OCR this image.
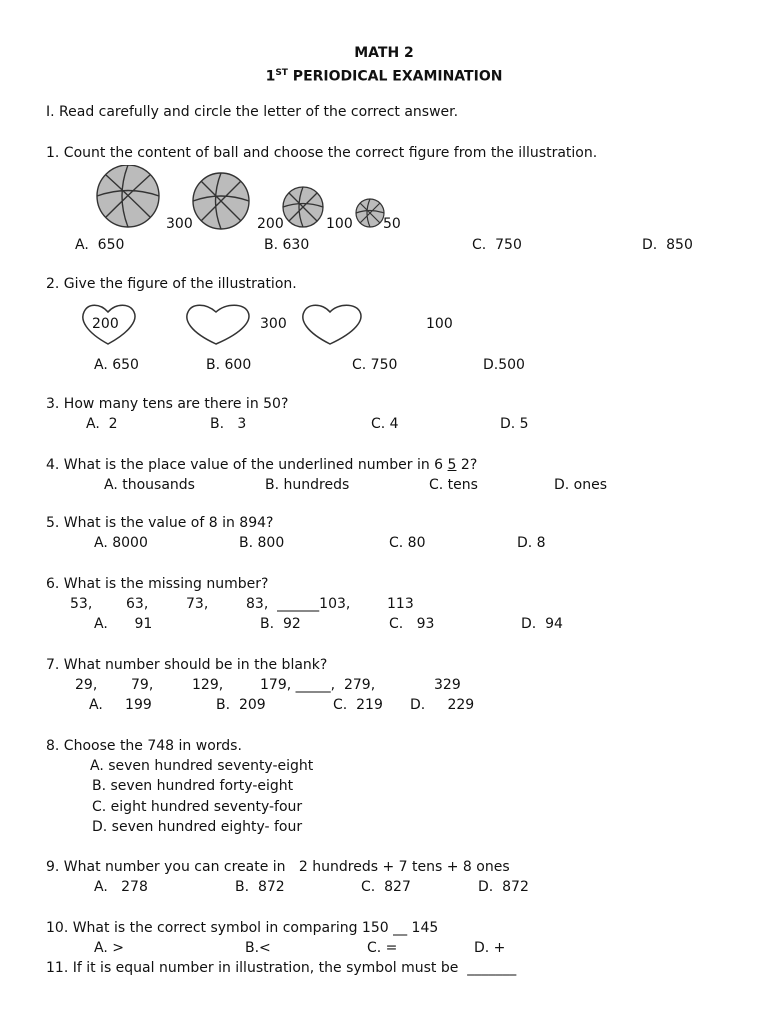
MATH 2
1ST PERIODICAL EXAMINATION
I. Read carefully and circle the letter of the correct answer.
1. Count the content of ball and choose the correct figure from the illustration.
300	200	100 50
A.  650	B. 630	C.  750	D.  850
2. Give the figure of the illustration.
200	300	100
A. 650	B. 600	C. 750	D.500
3. How many tens are there in 50?
A.  2	B.   3	C. 4	D. 5
4. What is the place value of the underlined number in 6 5 2?
A. thousands	B. hundreds	C. tens	D. ones
5. What is the value of 8 in 894?
A. 8000	B. 800	C. 80	D. 8
6. What is the missing number?
53, 63,	73,	83,  ______103,	113
A.      91	B.  92	C.   93	D.  94
7. What number should be in the blank?
29, 79,	129,	179, _____,  279,	329
A.     199	B.  209	C.  219 D.     229
8. Choose the 748 in words.
A. seven hundred seventy-eight
B. seven hundred forty-eight
C. eight hundred seventy-four
D. seven hundred eighty- four
9. What number you can create in   2 hundreds + 7 tens + 8 ones
A.   278	B.  872	C.  827	D.  872
10. What is the correct symbol in comparing 150 __ 145
A. >	B.<	C. =	D. +
11. If it is equal number in illustration, the symbol must be  _______
